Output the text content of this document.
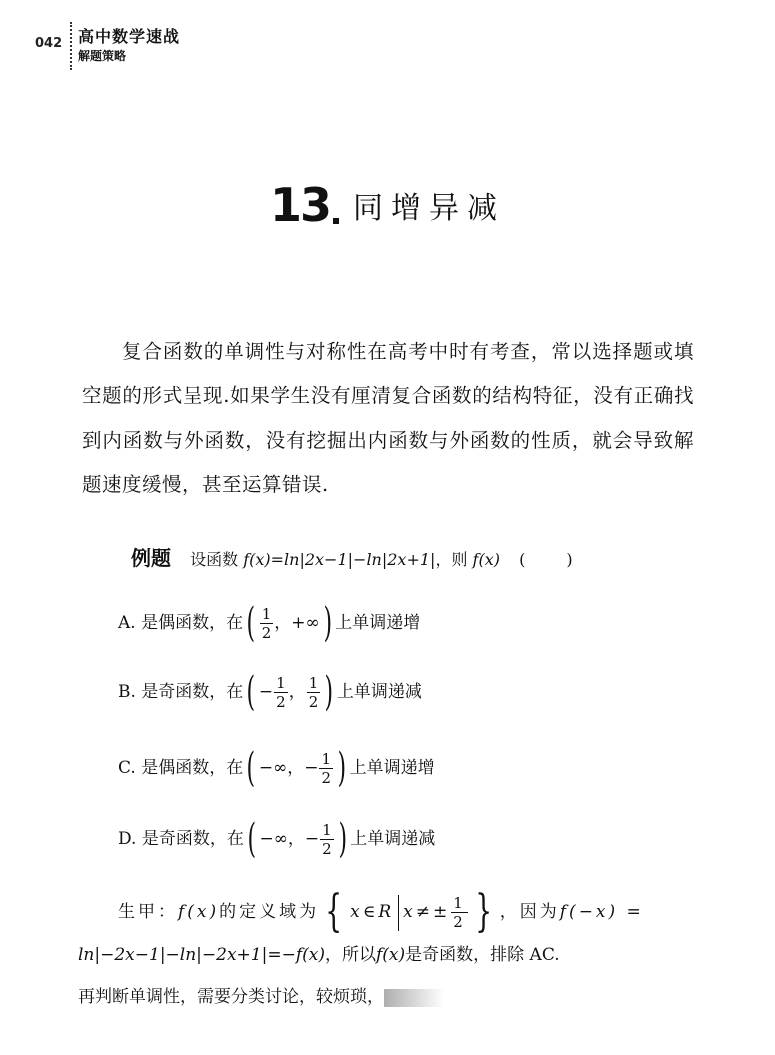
042 高中数学速战
解题策略
13 同增异减

复合函数的单调性与对称性在高考中时有考查，常以选择题或填空题的形式呈现.如果学生没有厘清复合函数的结构特征，没有正确找到内函数与外函数，没有挖掘出内函数与外函数的性质，就会导致解题速度缓慢，甚至运算错误.

例题 设函数 f(x)=ln|2x−1|−ln|2x+1|，则 f(x) ( )
A. 是偶函数，在( $\frac{1}{2}$ ，+∞) 上单调递增
B. 是奇函数，在( − $\frac{1}{2}$ ， $\frac{1}{2}$ ) 上单调递减
C. 是偶函数，在( −∞，− $\frac{1}{2}$ ) 上单调递增
D. 是奇函数，在( −∞，− $\frac{1}{2}$ ) 上单调递减
生甲：f(x)的定义域为 { x∈R $x\ne\pm \frac{1}{2}$ } ，因为f(−x) =
ln|−2x−1|−ln|−2x+1|=−f(x)，所以f(x)是奇函数，排除 AC.
再判断单调性，需要分类讨论，较烦琐，
